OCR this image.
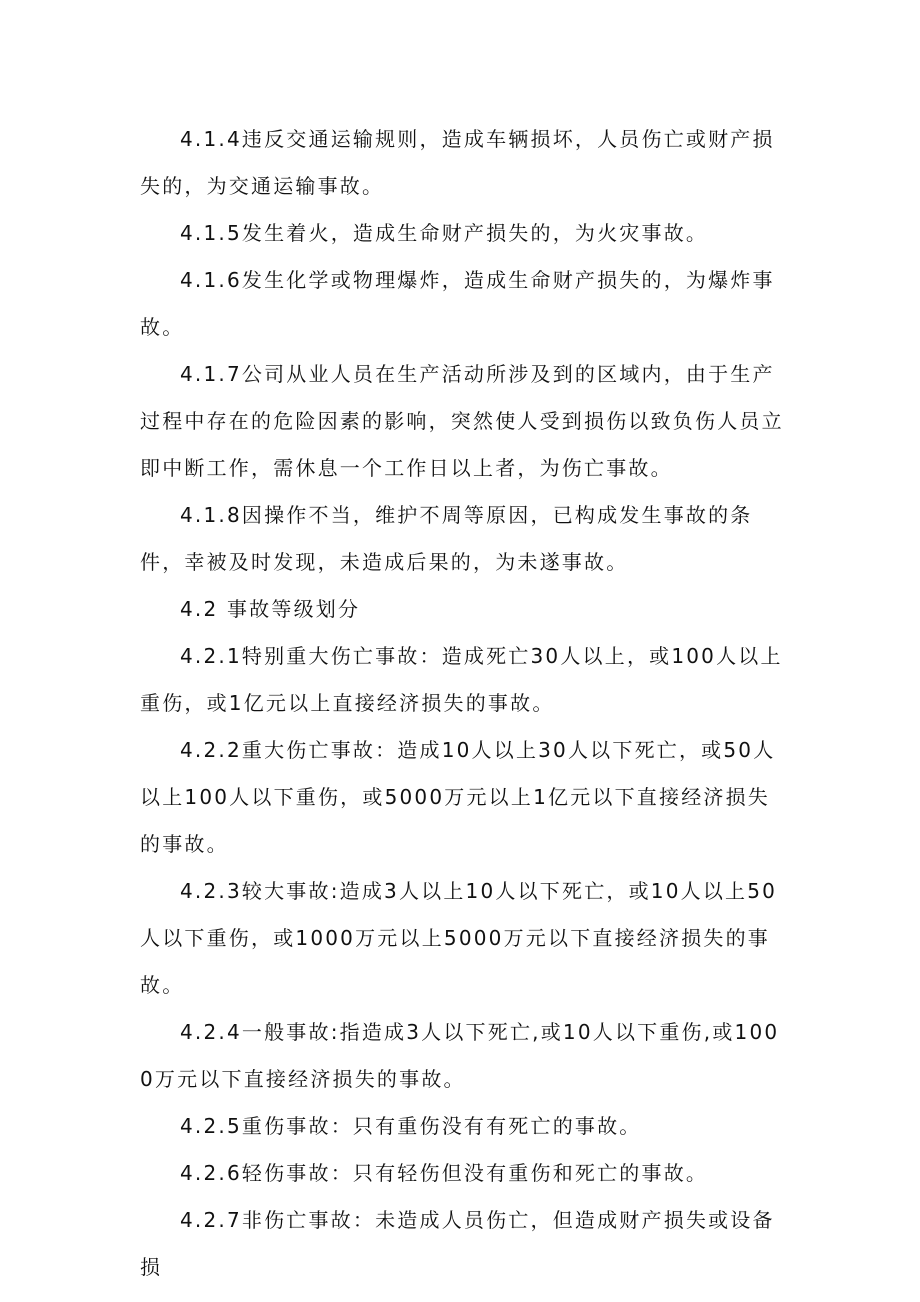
4.1.4违反交通运输规则，造成车辆损坏，人员伤亡或财产损失的，为交通运输事故。

4.1.5发生着火，造成生命财产损失的，为火灾事故。

4.1.6发生化学或物理爆炸，造成生命财产损失的，为爆炸事故。

4.1.7公司从业人员在生产活动所涉及到的区域内，由于生产过程中存在的危险因素的影响，突然使人受到损伤以致负伤人员立即中断工作，需休息一个工作日以上者，为伤亡事故。

4.1.8因操作不当，维护不周等原因，已构成发生事故的条件，幸被及时发现，未造成后果的，为未遂事故。

4.2 事故等级划分

4.2.1特别重大伤亡事故：造成死亡30人以上，或100人以上重伤，或1亿元以上直接经济损失的事故。

4.2.2重大伤亡事故：造成10人以上30人以下死亡，或50人以上100人以下重伤，或5000万元以上1亿元以下直接经济损失的事故。

4.2.3较大事故:造成3人以上10人以下死亡，或10人以上50人以下重伤，或1000万元以上5000万元以下直接经济损失的事故。

4.2.4一般事故:指造成3人以下死亡,或10人以下重伤,或1000万元以下直接经济损失的事故。

4.2.5重伤事故：只有重伤没有有死亡的事故。

4.2.6轻伤事故：只有轻伤但没有重伤和死亡的事故。

4.2.7非伤亡事故：未造成人员伤亡，但造成财产损失或设备损
